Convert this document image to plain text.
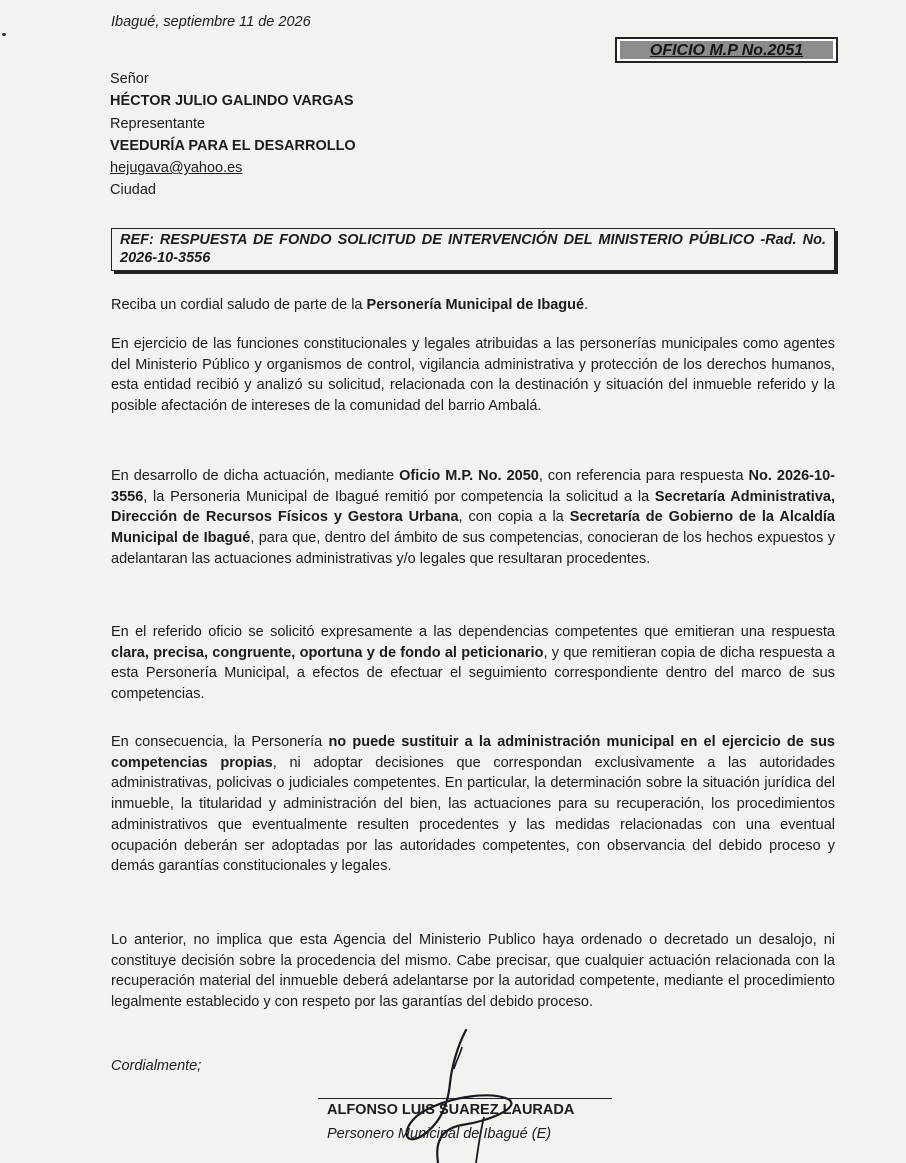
Ibagué, septiembre 11 de 2026
OFICIO M.P No.2051
Señor
HÉCTOR JULIO GALINDO VARGAS
Representante
VEEDURÍA PARA EL DESARROLLO
hejugava@yahoo.es
Ciudad
REF: RESPUESTA DE FONDO SOLICITUD DE INTERVENCIÓN DEL MINISTERIO PÚBLICO -Rad. No. 2026-10-3556

Reciba un cordial saludo de parte de la Personería Municipal de Ibagué.

En ejercicio de las funciones constitucionales y legales atribuidas a las personerías municipales como agentes del Ministerio Público y organismos de control, vigilancia administrativa y protección de los derechos humanos, esta entidad recibió y analizó su solicitud, relacionada con la destinación y situación del inmueble referido y la posible afectación de intereses de la comunidad del barrio Ambalá.

En desarrollo de dicha actuación, mediante Oficio M.P. No. 2050, con referencia para respuesta No. 2026-10-3556, la Personeria Municipal de Ibagué remitió por competencia la solicitud a la Secretaría Administrativa, Dirección de Recursos Físicos y Gestora Urbana, con copia a la Secretaría de Gobierno de la Alcaldía Municipal de Ibagué, para que, dentro del ámbito de sus competencias, conocieran de los hechos expuestos y adelantaran las actuaciones administrativas y/o legales que resultaran procedentes.

En el referido oficio se solicitó expresamente a las dependencias competentes que emitieran una respuesta clara, precisa, congruente, oportuna y de fondo al peticionario, y que remitieran copia de dicha respuesta a esta Personería Municipal, a efectos de efectuar el seguimiento correspondiente dentro del marco de sus competencias.

En consecuencia, la Personería no puede sustituir a la administración municipal en el ejercicio de sus competencias propias, ni adoptar decisiones que correspondan exclusivamente a las autoridades administrativas, policivas o judiciales competentes. En particular, la determinación sobre la situación jurídica del inmueble, la titularidad y administración del bien, las actuaciones para su recuperación, los procedimientos administrativos que eventualmente resulten procedentes y las medidas relacionadas con una eventual ocupación deberán ser adoptadas por las autoridades competentes, con observancia del debido proceso y demás garantías constitucionales y legales.

Lo anterior, no implica que esta Agencia del Ministerio Publico haya ordenado o decretado un desalojo, ni constituye decisión sobre la procedencia del mismo. Cabe precisar, que cualquier actuación relacionada con la recuperación material del inmueble deberá adelantarse por la autoridad competente, mediante el procedimiento legalmente establecido y con respeto por las garantías del debido proceso.

Cordialmente;
ALFONSO LUIS SUAREZ LAURADA
Personero Municipal de Ibagué (E)
